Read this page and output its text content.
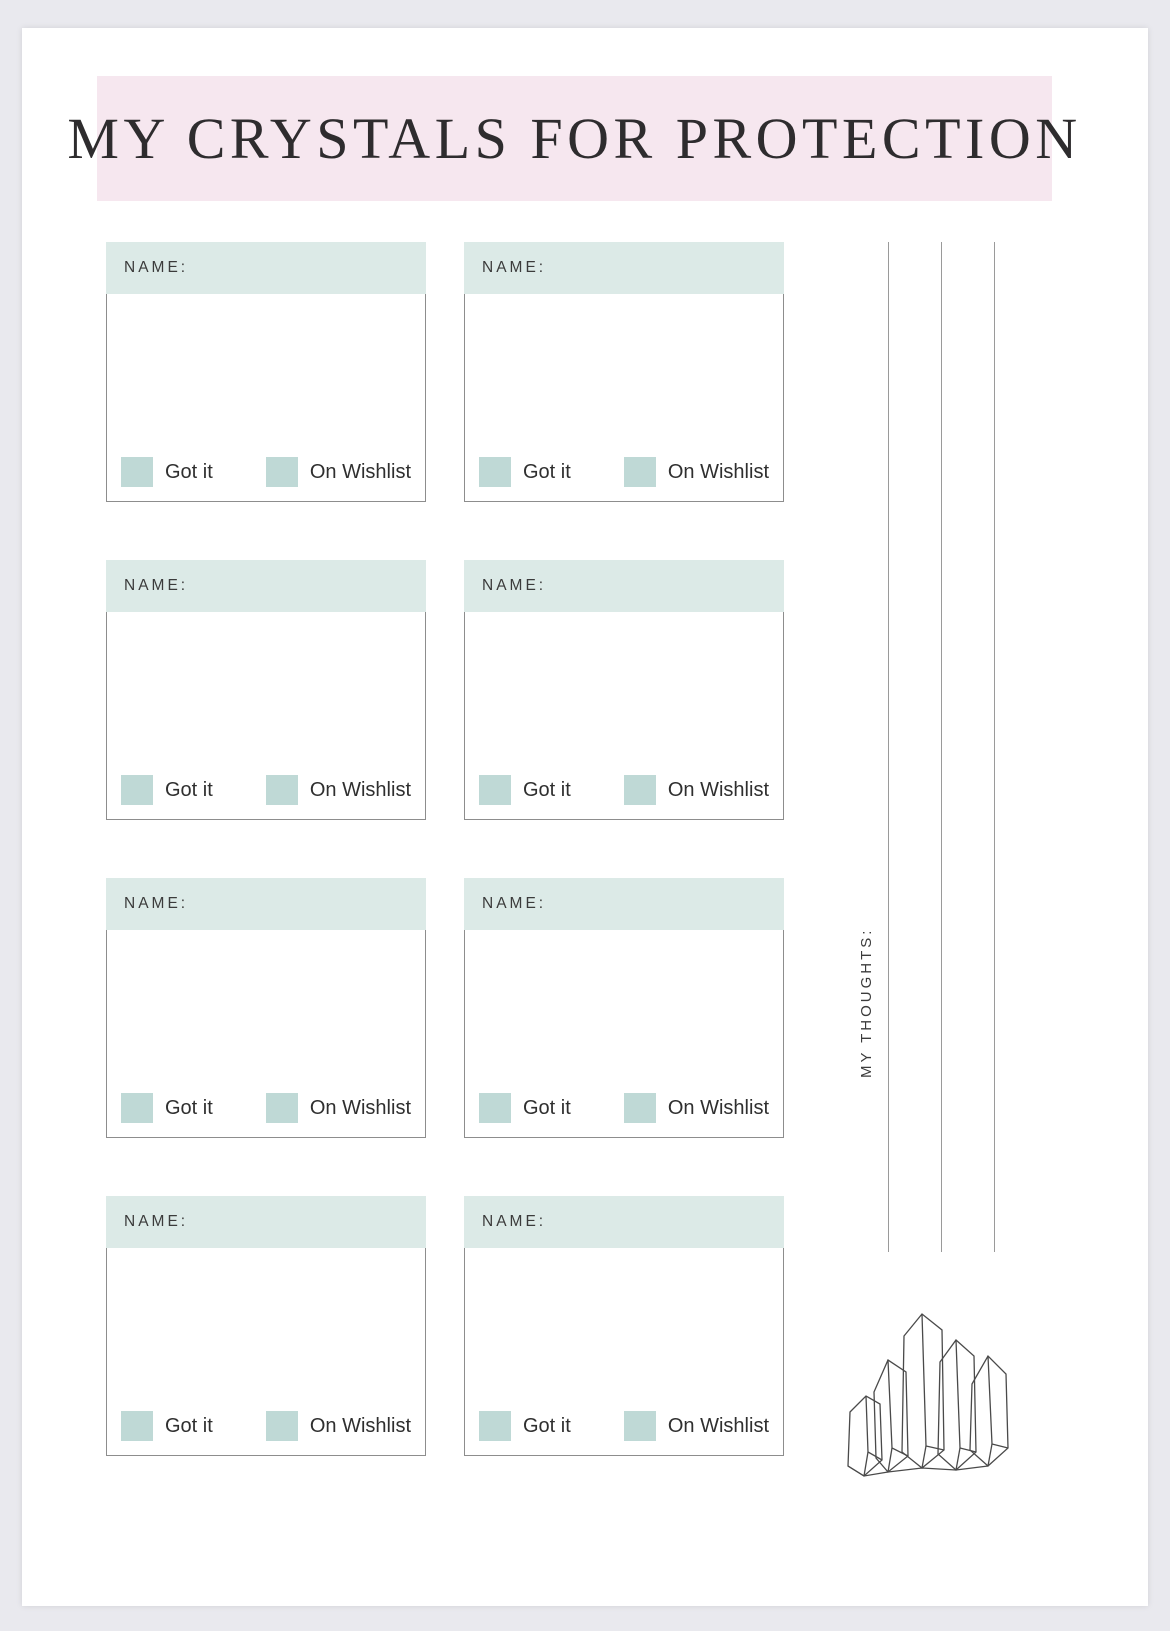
MY CRYSTALS FOR PROTECTION
NAME:
Got it	On Wishlist
NAME:
Got it	On Wishlist
NAME:
Got it	On Wishlist
NAME:
Got it	On Wishlist
NAME:
Got it	On Wishlist
NAME:
Got it	On Wishlist
NAME:
Got it	On Wishlist
NAME:
Got it	On Wishlist
MY THOUGHTS:
